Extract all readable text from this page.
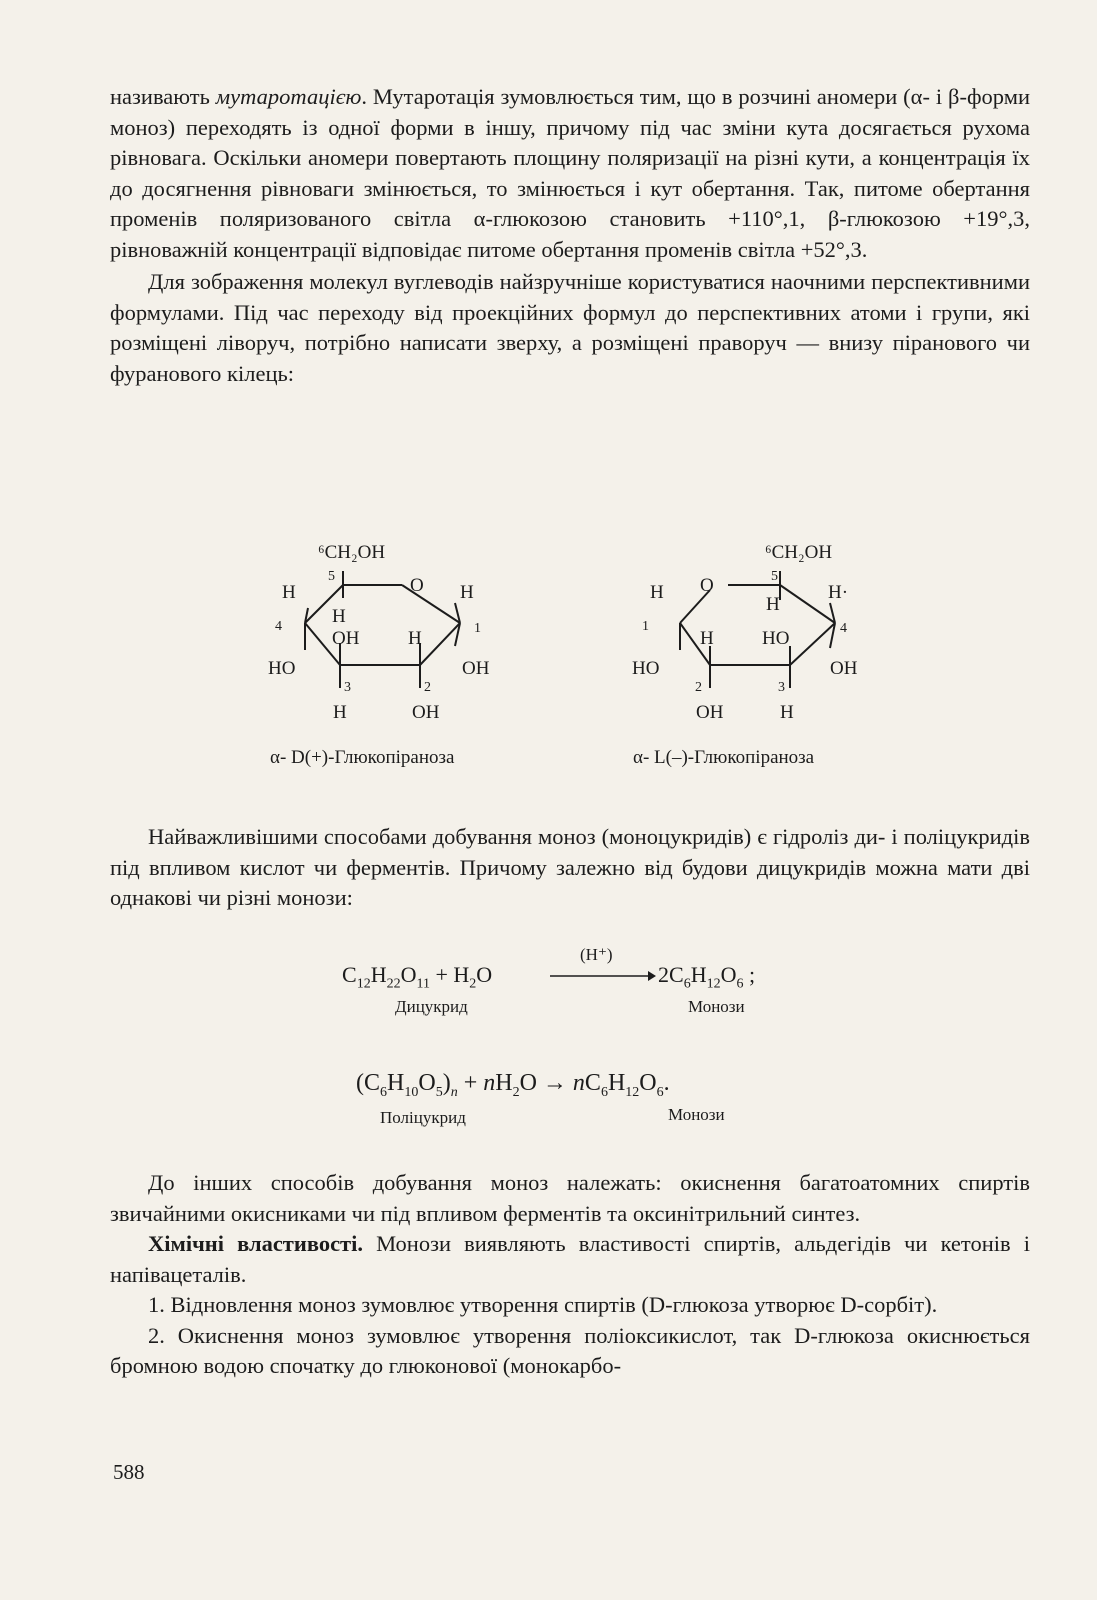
називають мутаротацією. Мутаротація зумовлюється тим, що в розчині аномери (α- і β-форми моноз) переходять із одної форми в іншу, причому під час зміни кута досягається рухома рівновага. Оскільки аномери повертають площину поляризації на різні кути, а концентрація їх до досягнення рівноваги змінюється, то змінюється і кут обертання. Так, питоме обертання променів поляризованого світла α-глюкозою становить +110°,1, β-глюкозою +19°,3, рівноважній концентрації відповідає питоме обертання променів світла +52°,3.

Для зображення молекул вуглеводів найзручніше користуватися наочними перспективними формулами. Під час переходу від проекційних формул до перспективних атоми і групи, які розміщені ліворуч, потрібно написати зверху, а розміщені праворуч — внизу піранового чи фуранового кілець:

⁶CH₂OH
5	O
H	H
4	H
OH	H	1
HO	OH
3	2
H	OH
⁶CH₂OH
5
O
H
H
H·
1
H	HO	4
HO	OH
2	3
OH	H
α- D(+)-Глюкопіраноза	α- L(–)-Глюкопіраноза

Найважливішими способами добування моноз (моноцукридів) є гідроліз ди- і поліцукридів під впливом кислот чи ферментів. Причому залежно від будови дицукридів можна мати дві однакові чи різні монози:

$C_{12}H_{22}O_{11} + H_2O$
(H⁺)
$2C_6H_{12}O_6$ ;
Дицукрид	Монози
$(C_6H_{10}O_5)_n + nH_2O \to nC_6H_{12}O_6$.
Поліцукрид	Монози

До інших способів добування моноз належать: окиснення багатоатомних спиртів звичайними окисниками чи під впливом ферментів та оксинітрильний синтез.

Хімічні властивості. Монози виявляють властивості спиртів, альдегідів чи кетонів і напівацеталів.

1. Відновлення моноз зумовлює утворення спиртів (D-глюкоза утворює D-сорбіт).

2. Окиснення моноз зумовлює утворення поліоксикислот, так D-глюкоза окиснюється бромною водою спочатку до глюконової (монокарбо-

588
